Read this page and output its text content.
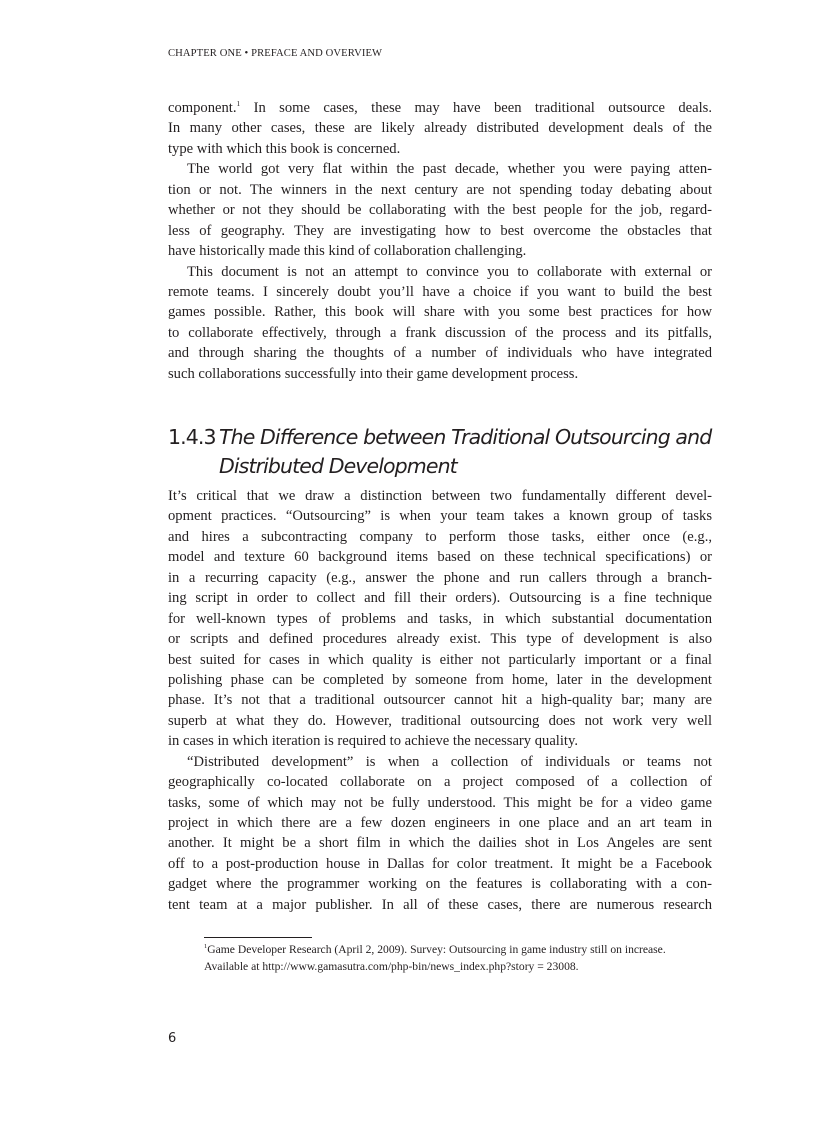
CHAPTER ONE • PREFACE AND OVERVIEW
component.$^1$ In some cases, these may have been traditional outsource deals.
In many other cases, these are likely already distributed development deals of the
type with which this book is concerned.
The world got very flat within the past decade, whether you were paying atten-
tion or not. The winners in the next century are not spending today debating about
whether or not they should be collaborating with the best people for the job, regard-
less of geography. They are investigating how to best overcome the obstacles that
have historically made this kind of collaboration challenging.
This document is not an attempt to convince you to collaborate with external or
remote teams. I sincerely doubt you’ll have a choice if you want to build the best
games possible. Rather, this book will share with you some best practices for how
to collaborate effectively, through a frank discussion of the process and its pitfalls,
and through sharing the thoughts of a number of individuals who have integrated
such collaborations successfully into their game development process.
1.4.3 The Difference between Traditional Outsourcing and
Distributed Development
It’s critical that we draw a distinction between two fundamentally different devel-
opment practices. “Outsourcing” is when your team takes a known group of tasks
and hires a subcontracting company to perform those tasks, either once (e.g.,
model and texture 60 background items based on these technical specifications) or
in a recurring capacity (e.g., answer the phone and run callers through a branch-
ing script in order to collect and fill their orders). Outsourcing is a fine technique
for well-known types of problems and tasks, in which substantial documentation
or scripts and defined procedures already exist. This type of development is also
best suited for cases in which quality is either not particularly important or a final
polishing phase can be completed by someone from home, later in the development
phase. It’s not that a traditional outsourcer cannot hit a high-quality bar; many are
superb at what they do. However, traditional outsourcing does not work very well
in cases in which iteration is required to achieve the necessary quality.
“Distributed development” is when a collection of individuals or teams not
geographically co-located collaborate on a project composed of a collection of
tasks, some of which may not be fully understood. This might be for a video game
project in which there are a few dozen engineers in one place and an art team in
another. It might be a short film in which the dailies shot in Los Angeles are sent
off to a post-production house in Dallas for color treatment. It might be a Facebook
gadget where the programmer working on the features is collaborating with a con-
tent team at a major publisher. In all of these cases, there are numerous research
$^1$Game Developer Research (April 2, 2009). Survey: Outsourcing in game industry still on increase.
Available at http://www.gamasutra.com/php-bin/news_index.php?story = 23008.
6
